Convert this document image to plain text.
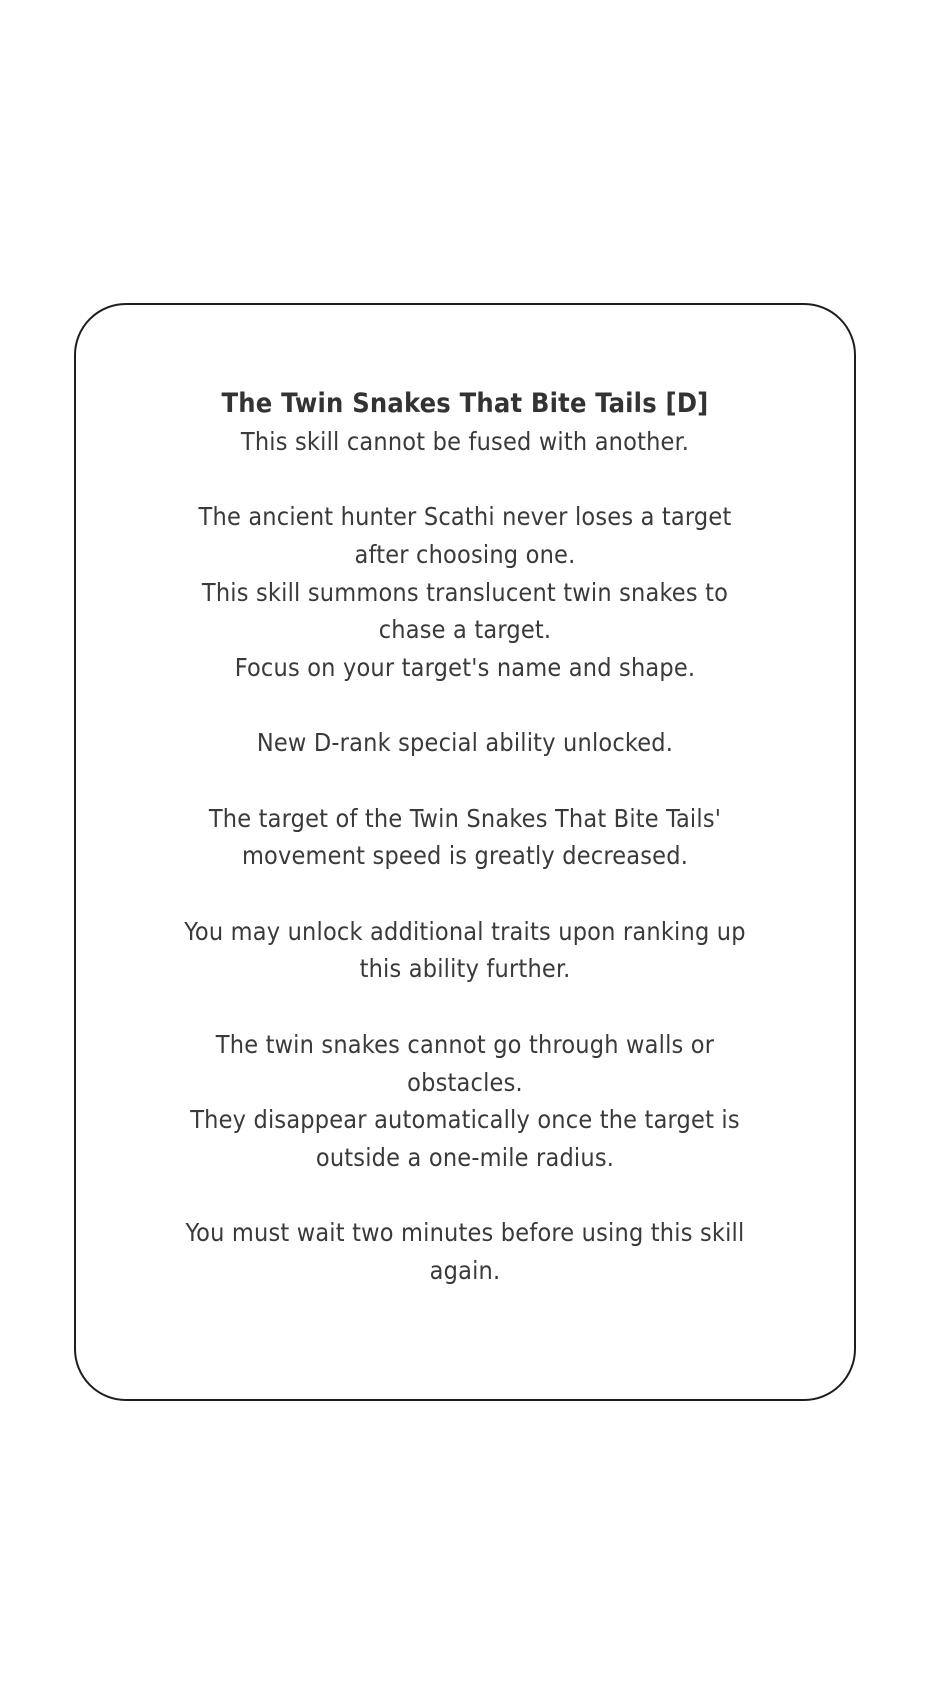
The Twin Snakes That Bite Tails [D]
This skill cannot be fused with another.
The ancient hunter Scathi never loses a target
after choosing one.
This skill summons translucent twin snakes to
chase a target.
Focus on your target's name and shape.
New D-rank special ability unlocked.
The target of the Twin Snakes That Bite Tails'
movement speed is greatly decreased.
You may unlock additional traits upon ranking up
this ability further.
The twin snakes cannot go through walls or
obstacles.
They disappear automatically once the target is
outside a one-mile radius.
You must wait two minutes before using this skill
again.
